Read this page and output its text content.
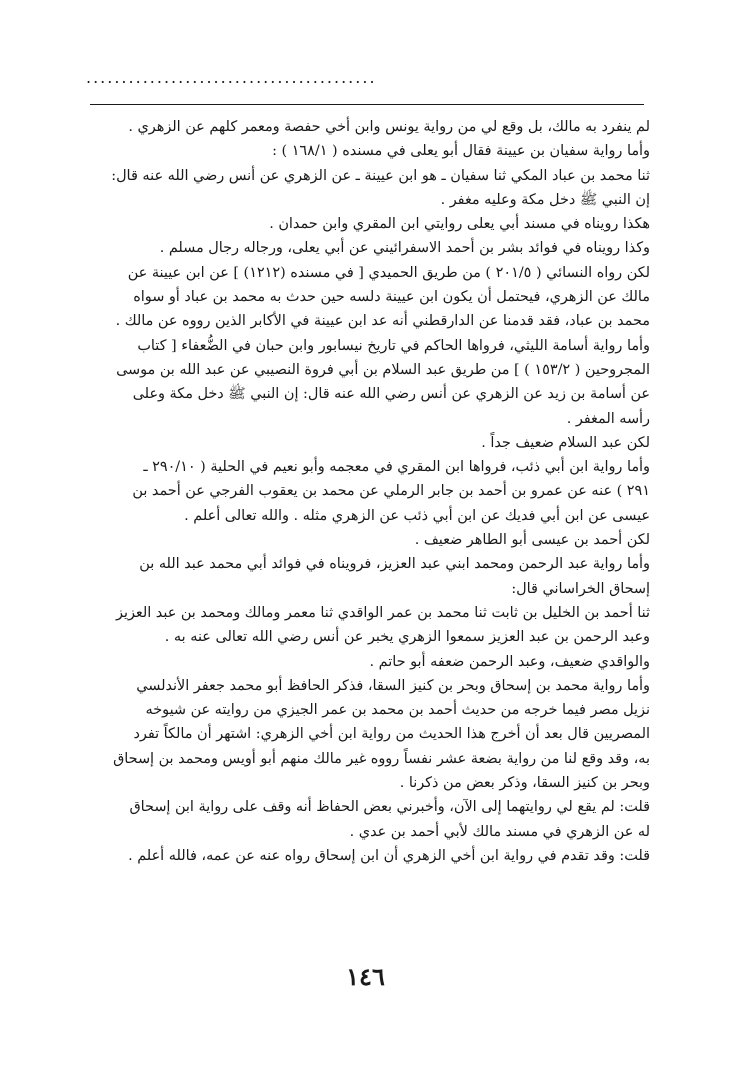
.........................................
لم ينفرد به مالك، بل وقع لي من رواية يونس وابن أخي حفصة ومعمر كلهم عن الزهري .
وأما رواية سفيان بن عيينة فقال أبو يعلى في مسنده ( ١٦٨/١ ) :
ثنا محمد بن عباد المكي ثنا سفيان ـ هو ابن عيينة ـ عن الزهري عن أنس رضي الله عنه قال:
إن النبي ﷺ دخل مكة وعليه مغفر .
هكذا رويناه في مسند أبي يعلى روايتي ابن المقري وابن حمدان .
وكذا رويناه في فوائد بشر بن أحمد الاسفرائيني عن أبي يعلى، ورجاله رجال مسلم .
لكن رواه النسائي ( ٢٠١/٥ ) من طريق الحميدي [ في مسنده (١٢١٢) ] عن ابن عيينة عن
مالك عن الزهري، فيحتمل أن يكون ابن عيينة دلسه حين حدث به محمد بن عباد أو سواه
محمد بن عباد، فقد قدمنا عن الدارقطني أنه عد ابن عيينة في الأكابر الذين رووه عن مالك .
وأما رواية أسامة الليثي، فرواها الحاكم في تاريخ نيسابور وابن حبان في الضُّعفاء [ كتاب
المجروحين ( ١٥٣/٢ ) ] من طريق عبد السلام بن أبي فروة النصيبي عن عبد الله بن موسى
عن أسامة بن زيد عن الزهري عن أنس رضي الله عنه قال: إن النبي ﷺ دخل مكة وعلى
رأسه المغفر .
لكن عبد السلام ضعيف جداً .
وأما رواية ابن أبي ذئب، فرواها ابن المقري في معجمه وأبو نعيم في الحلية ( ٢٩٠/١٠ ـ
٢٩١ ) عنه عن عمرو بن أحمد بن جابر الرملي عن محمد بن يعقوب الفرجي عن أحمد بن
عيسى عن ابن أبي فديك عن ابن أبي ذئب عن الزهري مثله . والله تعالى أعلم .
لكن أحمد بن عيسى أبو الطاهر ضعيف .
وأما رواية عبد الرحمن ومحمد ابني عبد العزيز، فرويناه في فوائد أبي محمد عبد الله بن
إسحاق الخراساني قال:
ثنا أحمد بن الخليل بن ثابت ثنا محمد بن عمر الواقدي ثنا معمر ومالك ومحمد بن عبد العزيز
وعبد الرحمن بن عبد العزيز سمعوا الزهري يخبر عن أنس رضي الله تعالى عنه به .
والواقدي ضعيف، وعبد الرحمن ضعفه أبو حاتم .
وأما رواية محمد بن إسحاق وبحر بن كنيز السقا، فذكر الحافظ أبو محمد جعفر الأندلسي
نزيل مصر فيما خرجه من حديث أحمد بن محمد بن عمر الجيزي من روايته عن شيوخه
المصريين قال بعد أن أخرج هذا الحديث من رواية ابن أخي الزهري: اشتهر أن مالكاً تفرد
به، وقد وقع لنا من رواية بضعة عشر نفساً رووه غير مالك منهم أبو أويس ومحمد بن إسحاق
وبحر بن كنيز السقا، وذكر بعض من ذكرنا .
قلت: لم يقع لي روايتهما إلى الآن، وأخبرني بعض الحفاظ أنه وقف على رواية ابن إسحاق
له عن الزهري في مسند مالك لأبي أحمد بن عدي .
قلت: وقد تقدم في رواية ابن أخي الزهري أن ابن إسحاق رواه عنه عن عمه، فالله أعلم .
١٤٦
